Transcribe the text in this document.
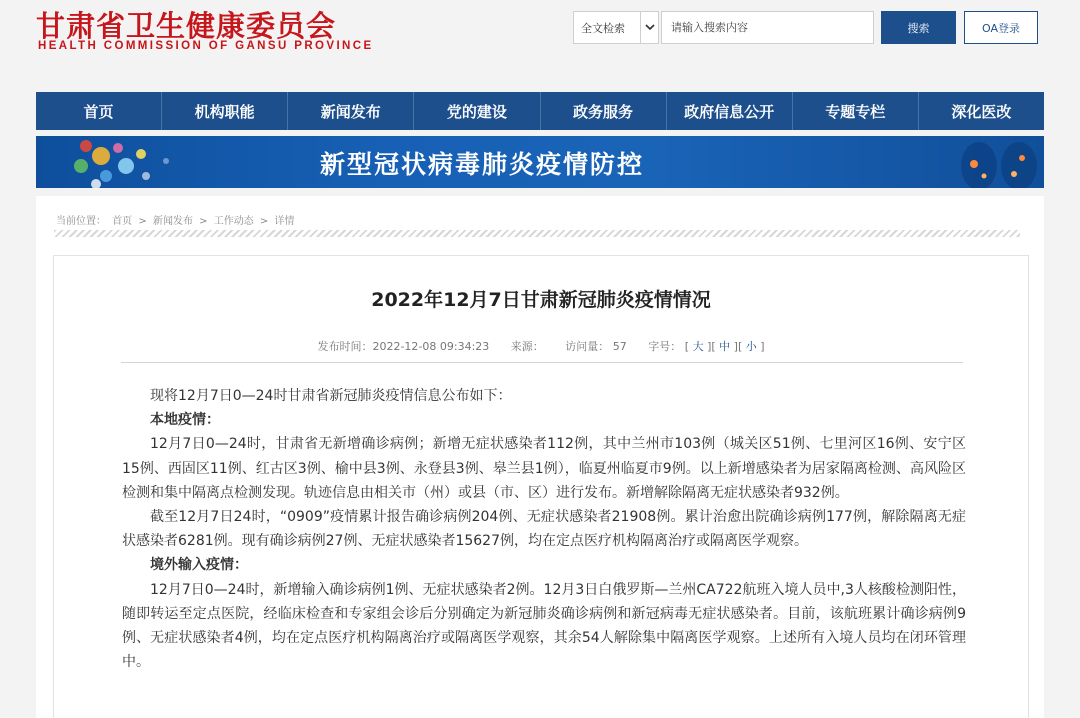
甘肃省卫生健康委员会
HEALTH COMMISSION OF GANSU PROVINCE
全文检索
请输入搜索内容	搜索	OA登录
首页	机构职能	新闻发布	党的建设	政务服务	政府信息公开	专题专栏	深化医改
新型冠状病毒肺炎疫情防控
当前位置： 首页 > 新闻发布 > 工作动态 > 详情
2022年12月7日甘肃新冠肺炎疫情情况
发布时间：2022-12-08 09:34:23 来源： 访问量： 57 字号： [ 大 ][ 中 ][ 小 ]

现将12月7日0—24时甘肃省新冠肺炎疫情信息公布如下：

本地疫情：

12月7日0—24时，甘肃省无新增确诊病例；新增无症状感染者112例，其中兰州市103例（城关区51例、七里河区16例、安宁区15例、西固区11例、红古区3例、榆中县3例、永登县3例、皋兰县1例），临夏州临夏市9例。以上新增感染者为居家隔离检测、高风险区检测和集中隔离点检测发现。轨迹信息由相关市（州）或县（市、区）进行发布。新增解除隔离无症状感染者932例。

截至12月7日24时，“0909”疫情累计报告确诊病例204例、无症状感染者21908例。累计治愈出院确诊病例177例，解除隔离无症状感染者6281例。现有确诊病例27例、无症状感染者15627例，均在定点医疗机构隔离治疗或隔离医学观察。

境外输入疫情：

12月7日0—24时，新增输入确诊病例1例、无症状感染者2例。12月3日白俄罗斯—兰州CA722航班入境人员中,3人核酸检测阳性，随即转运至定点医院，经临床检查和专家组会诊后分别确定为新冠肺炎确诊病例和新冠病毒无症状感染者。目前，该航班累计确诊病例9例、无症状感染者4例，均在定点医疗机构隔离治疗或隔离医学观察，其余54人解除集中隔离医学观察。上述所有入境人员均在闭环管理中。
